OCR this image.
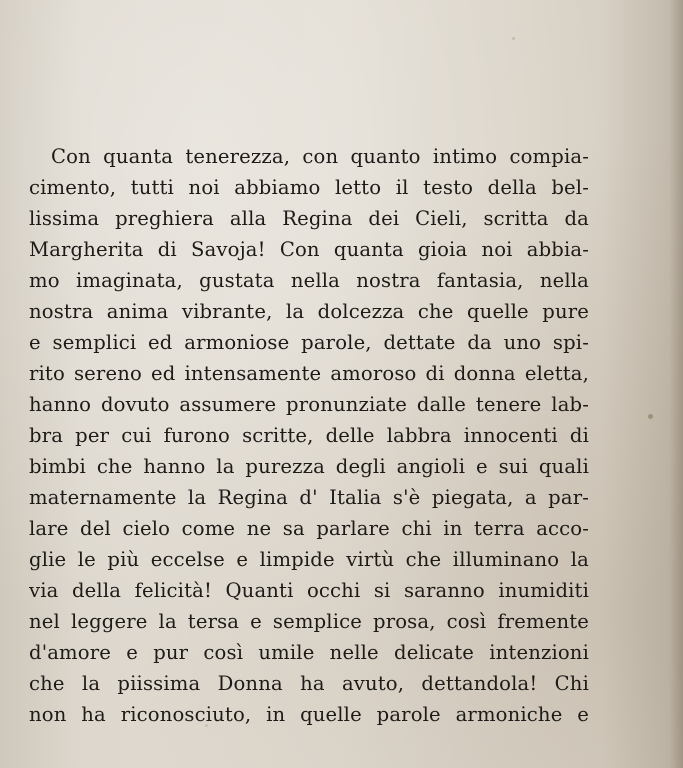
Con quanta tenerezza, con quanto intimo compia-
cimento, tutti noi abbiamo letto il testo della bel-
lissima preghiera alla Regina dei Cieli, scritta da
Margherita di Savoja! Con quanta gioia noi abbia-
mo imaginata, gustata nella nostra fantasia, nella
nostra anima vibrante, la dolcezza che quelle pure
e semplici ed armoniose parole, dettate da uno spi-
rito sereno ed intensamente amoroso di donna eletta,
hanno dovuto assumere pronunziate dalle tenere lab-
bra per cui furono scritte, delle labbra innocenti di
bimbi che hanno la purezza degli angioli e sui quali
maternamente la Regina d' Italia s'è piegata, a par-
lare del cielo come ne sa parlare chi in terra acco-
glie le più eccelse e limpide virtù che illuminano la
via della felicità! Quanti occhi si saranno inumiditi
nel leggere la tersa e semplice prosa, così fremente
d'amore e pur così umile nelle delicate intenzioni
che la piissima Donna ha avuto, dettandola! Chi
non ha riconosciuto, in quelle parole armoniche e
